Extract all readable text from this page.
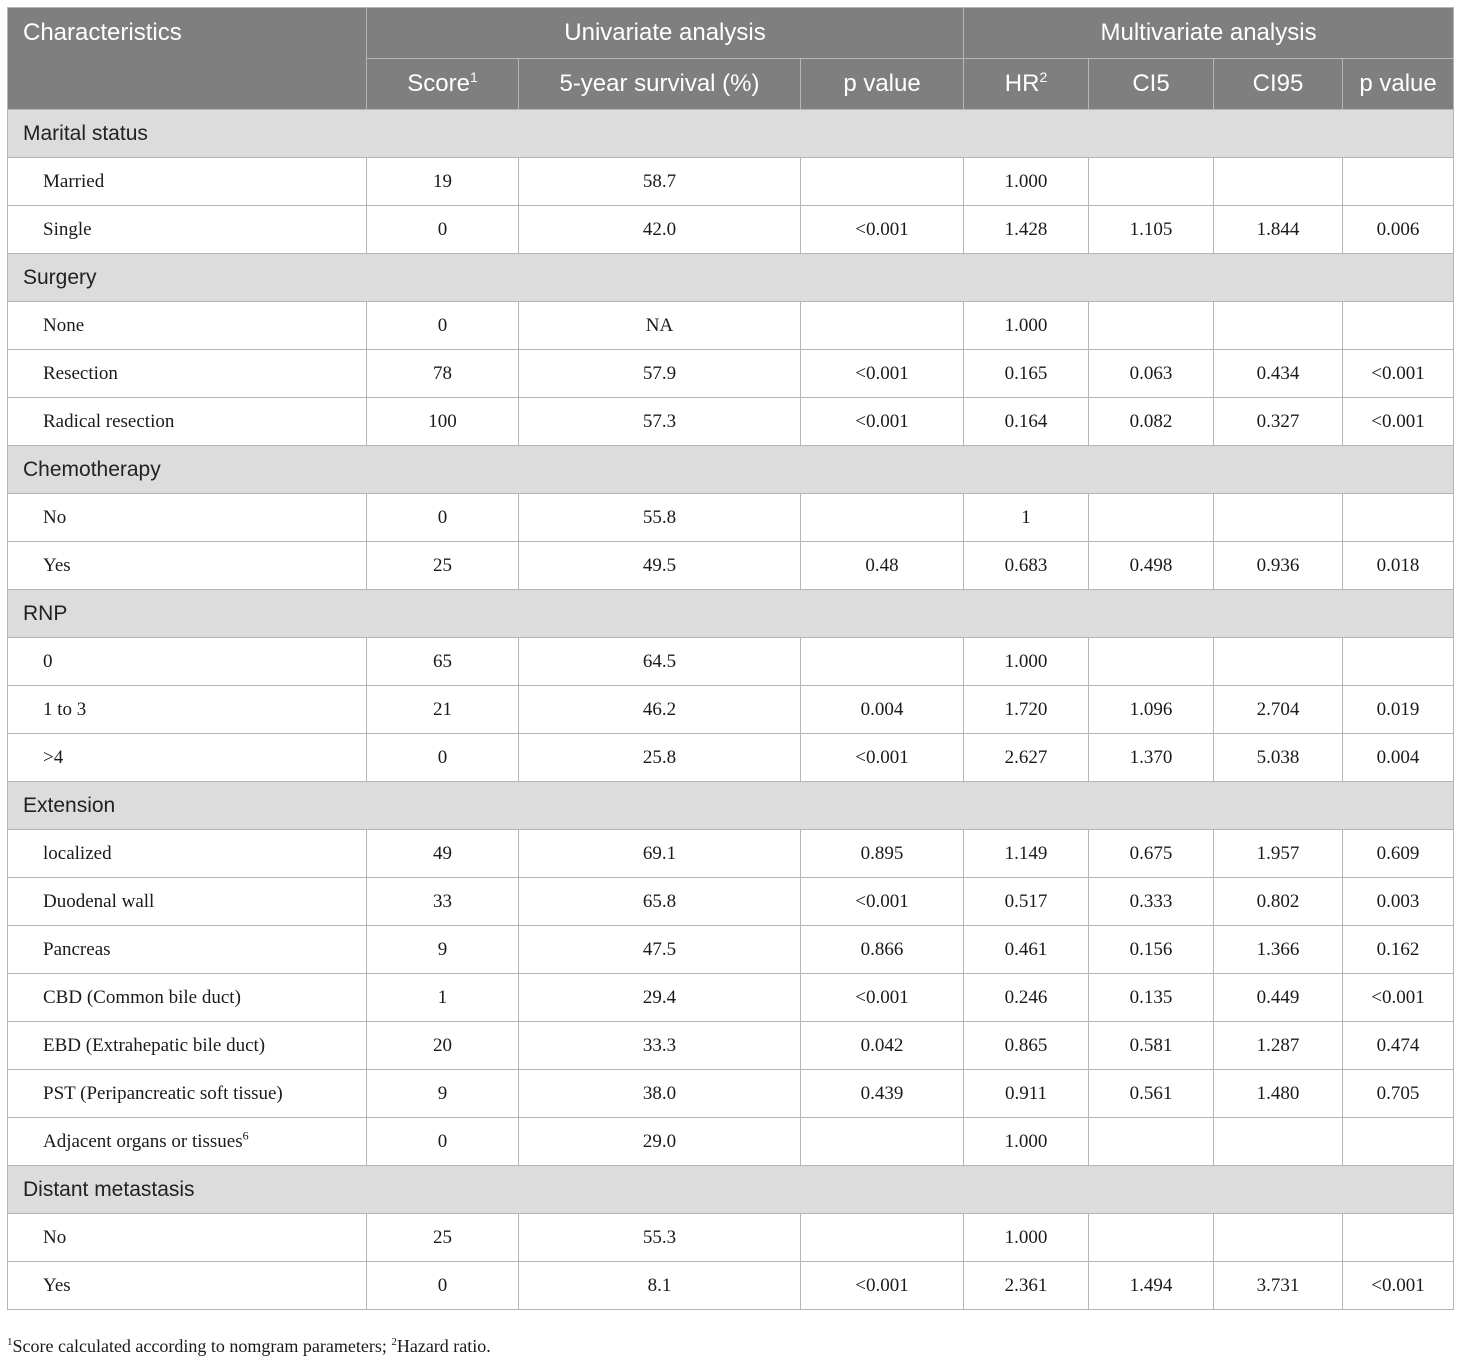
Characteristics	Univariate analysis			Multivariate analysis			
	Score$^1$	5-year survival (%)	p value	$HR^2$	CI5	CI95	p value
Marital status							
Married	19	58.7		1.000			
Single	0	42.0	<0.001	1.428	1.105	1.844	0.006
Surgery							
None	0	NA		1.000			
Resection	78	57.9	<0.001	0.165	0.063	0.434	<0.001
Radical resection	100	57.3	<0.001	0.164	0.082	0.327	<0.001
Chemotherapy							
No	0	55.8		1			
Yes	25	49.5	0.48	0.683	0.498	0.936	0.018
RNP							
0	65	64.5		1.000			
1 to 3	21	46.2	0.004	1.720	1.096	2.704	0.019
>4	0	25.8	<0.001	2.627	1.370	5.038	0.004
Extension							
localized	49	69.1	0.895	1.149	0.675	1.957	0.609
Duodenal wall	33	65.8	<0.001	0.517	0.333	0.802	0.003
Pancreas	9	47.5	0.866	0.461	0.156	1.366	0.162
CBD (Common bile duct)	1	29.4	<0.001	0.246	0.135	0.449	<0.001
EBD (Extrahepatic bile duct)	20	33.3	0.042	0.865	0.581	1.287	0.474
PST (Peripancreatic soft tissue)	9	38.0	0.439	0.911	0.561	1.480	0.705
Adjacent organs or tissues$^6$	0	29.0		1.000			
Distant metastasis							
No	25	55.3		1.000			
Yes	0	8.1	<0.001	2.361	1.494	3.731	<0.001
$^1$Score calculated according to nomgram parameters; $^2$Hazard ratio.
